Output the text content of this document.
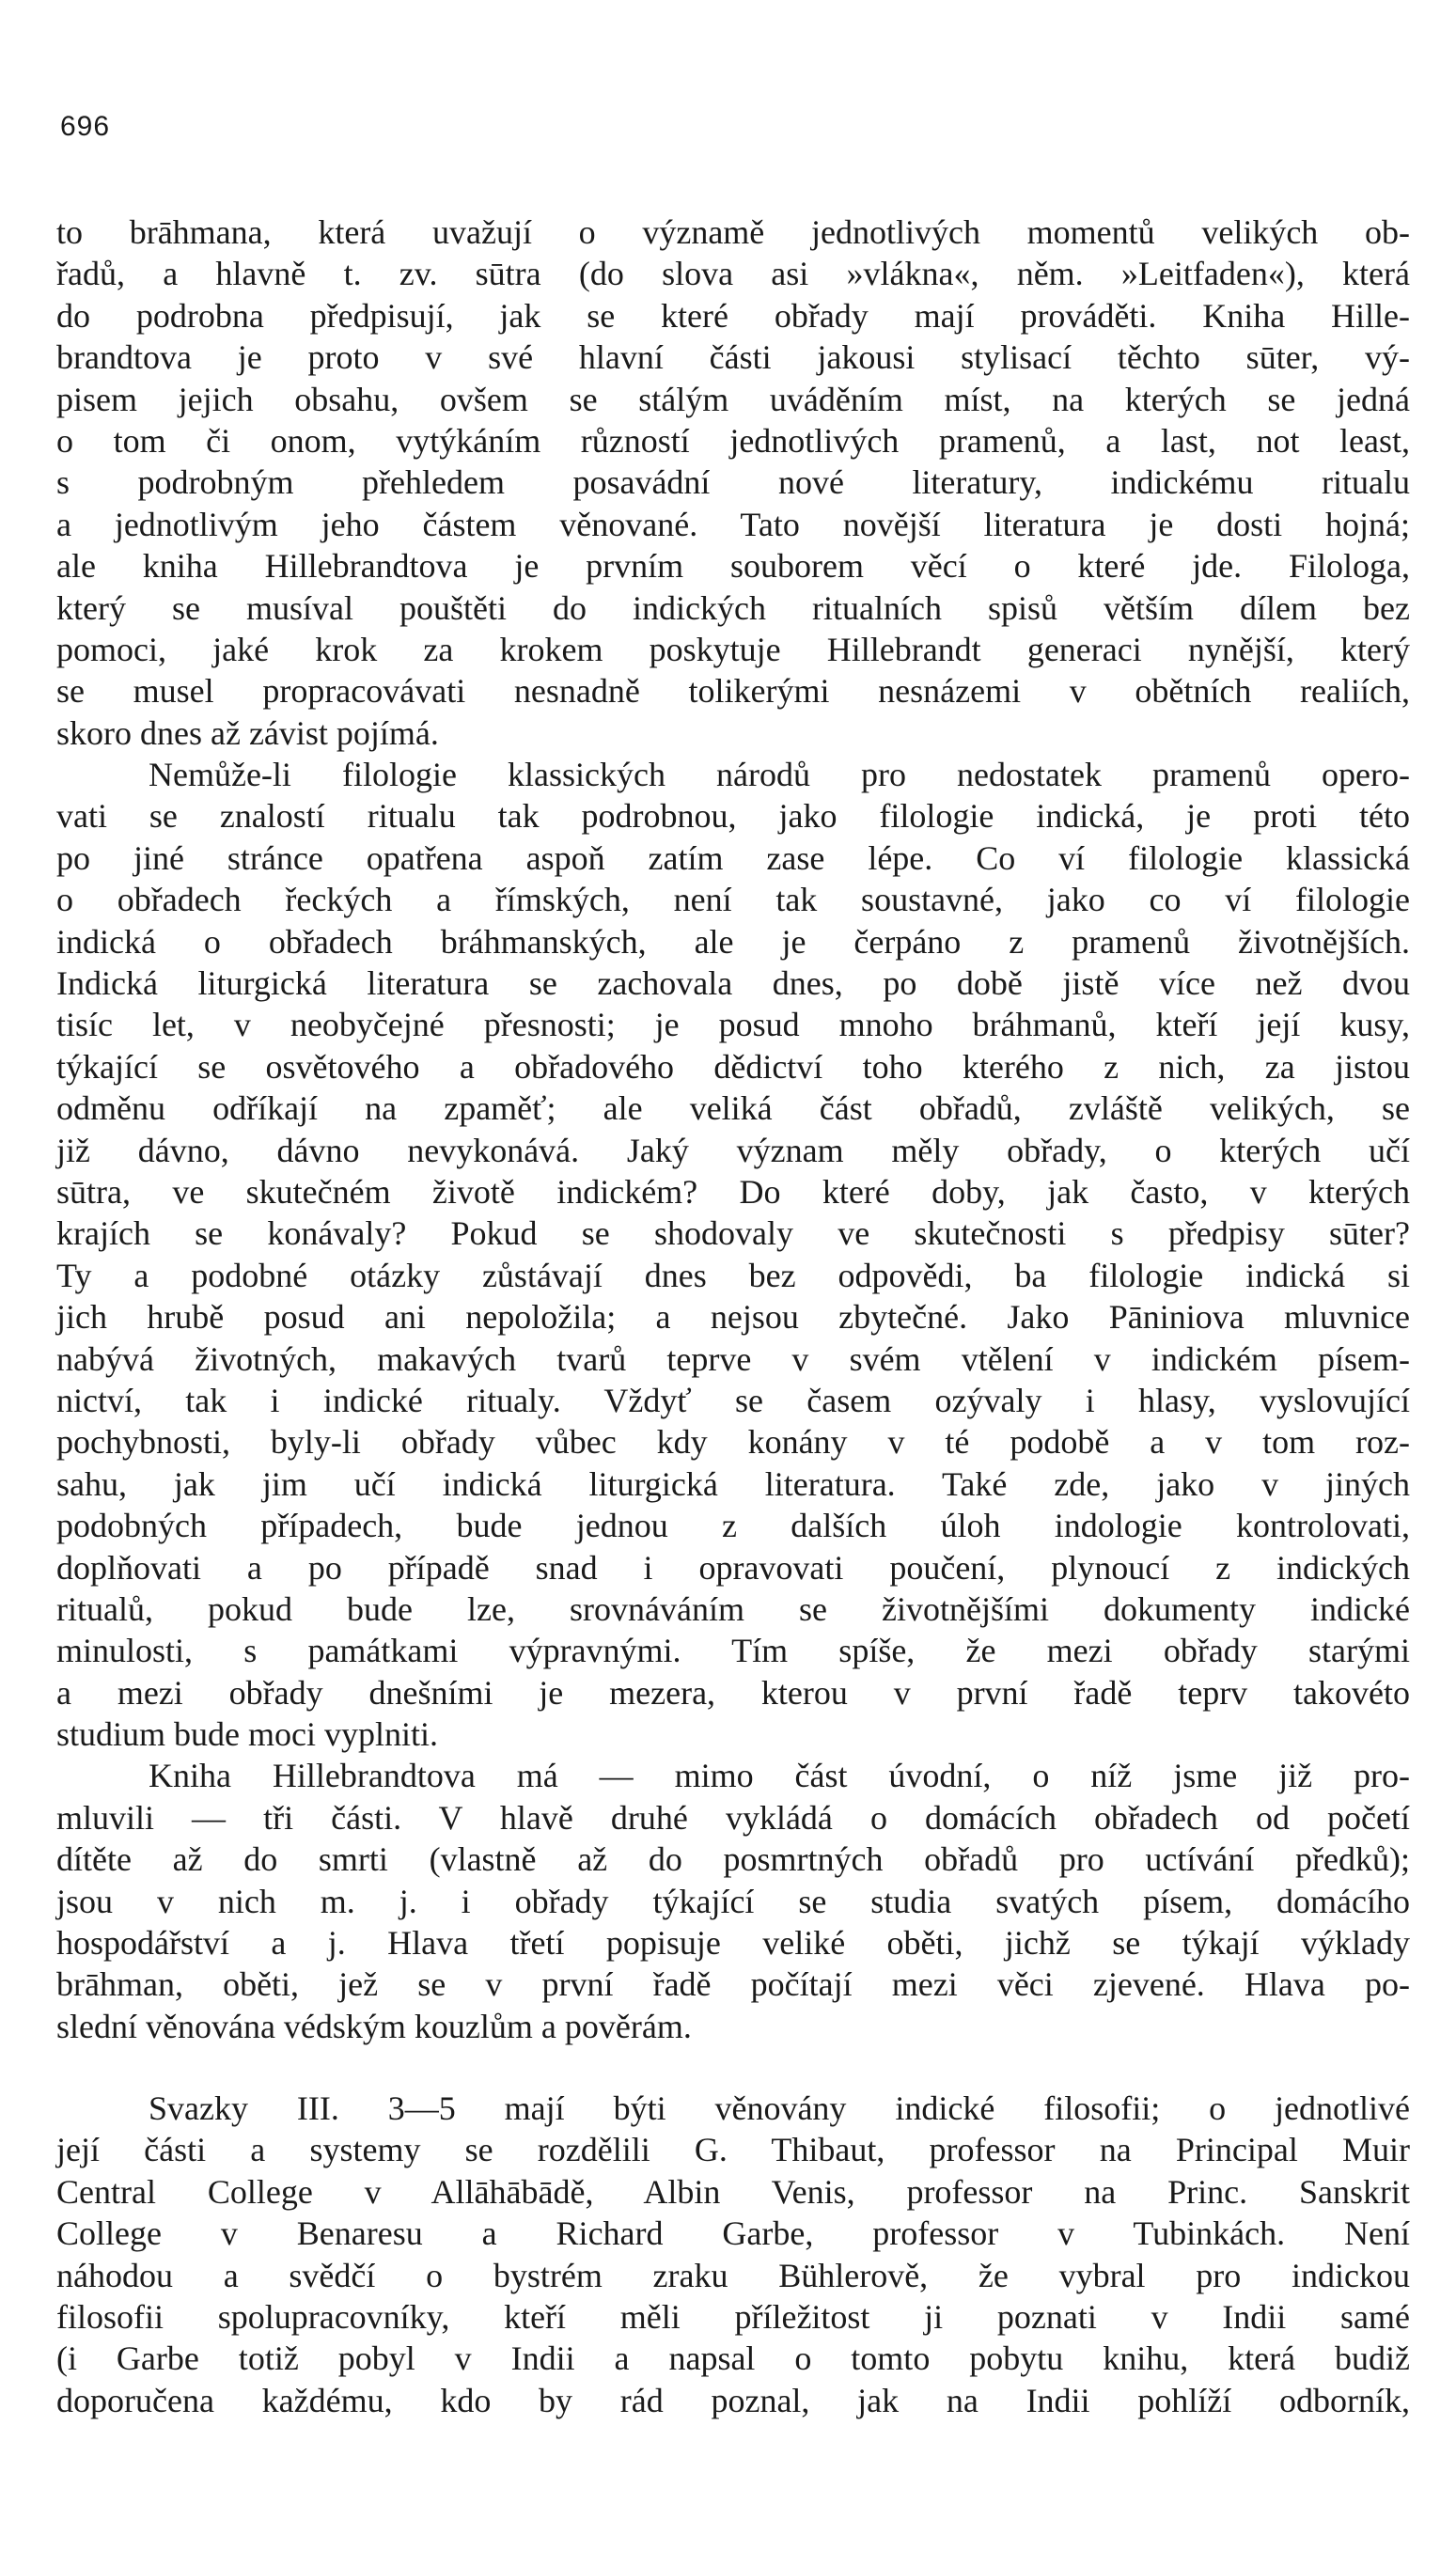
696
to brāhmana, která uvažují o významě jednotlivých momentů velikých ob-
řadů, a hlavně t. zv. sūtra (do slova asi »vlákna«, něm. »Leitfaden«), která
do podrobna předpisují, jak se které obřady mají prováděti. Kniha Hille-
brandtova je proto v své hlavní části jakousi stylisací těchto sūter, vý-
pisem jejich obsahu, ovšem se stálým uváděním míst, na kterých se jedná
o tom či onom, vytýkáním růzností jednotlivých pramenů, a last, not least,
s podrobným přehledem posavádní nové literatury, indickému ritualu
a jednotlivým jeho částem věnované. Tato novější literatura je dosti hojná;
ale kniha Hillebrandtova je prvním souborem věcí o které jde. Filologa,
který se musíval pouštěti do indických ritualních spisů větším dílem bez
pomoci, jaké krok za krokem poskytuje Hillebrandt generaci nynější, který
se musel propracovávati nesnadně tolikerými nesnázemi v obětních realiích,
skoro dnes až závist pojímá.
Nemůže-li filologie klassických národů pro nedostatek pramenů opero-
vati se znalostí ritualu tak podrobnou, jako filologie indická, je proti této
po jiné stránce opatřena aspoň zatím zase lépe. Co ví filologie klassická
o obřadech řeckých a římských, není tak soustavné, jako co ví filologie
indická o obřadech bráhmanských, ale je čerpáno z pramenů životnějších.
Indická liturgická literatura se zachovala dnes, po době jistě více než dvou
tisíc let, v neobyčejné přesnosti; je posud mnoho bráhmanů, kteří její kusy,
týkající se osvětového a obřadového dědictví toho kterého z nich, za jistou
odměnu odříkají na zpaměť; ale veliká část obřadů, zvláště velikých, se
již dávno, dávno nevykonává. Jaký význam měly obřady, o kterých učí
sūtra, ve skutečném životě indickém? Do které doby, jak často, v kterých
krajích se konávaly? Pokud se shodovaly ve skutečnosti s předpisy sūter?
Ty a podobné otázky zůstávají dnes bez odpovědi, ba filologie indická si
jich hrubě posud ani nepoložila; a nejsou zbytečné. Jako Pāniniova mluvnice
nabývá životných, makavých tvarů teprve v svém vtělení v indickém písem-
nictví, tak i indické ritualy. Vždyť se časem ozývaly i hlasy, vyslovující
pochybnosti, byly-li obřady vůbec kdy konány v té podobě a v tom roz-
sahu, jak jim učí indická liturgická literatura. Také zde, jako v jiných
podobných případech, bude jednou z dalších úloh indologie kontrolovati,
doplňovati a po případě snad i opravovati poučení, plynoucí z indických
ritualů, pokud bude lze, srovnáváním se životnějšími dokumenty indické
minulosti, s památkami výpravnými. Tím spíše, že mezi obřady starými
a mezi obřady dnešními je mezera, kterou v první řadě teprv takovéto
studium bude moci vyplniti.
Kniha Hillebrandtova má — mimo část úvodní, o níž jsme již pro-
mluvili — tři části. V hlavě druhé vykládá o domácích obřadech od početí
dítěte až do smrti (vlastně až do posmrtných obřadů pro uctívání předků);
jsou v nich m. j. i obřady týkající se studia svatých písem, domácího
hospodářství a j. Hlava třetí popisuje veliké oběti, jichž se týkají výklady
brāhman, oběti, jež se v první řadě počítají mezi věci zjevené. Hlava po-
slední věnována védským kouzlům a pověrám.
Svazky III. 3—5 mají býti věnovány indické filosofii; o jednotlivé
její části a systemy se rozdělili G. Thibaut, professor na Principal Muir
Central College v Allāhābādě, Albin Venis, professor na Princ. Sanskrit
College v Benaresu a Richard Garbe, professor v Tubinkách. Není
náhodou a svědčí o bystrém zraku Bühlerově, že vybral pro indickou
filosofii spolupracovníky, kteří měli příležitost ji poznati v Indii samé
(i Garbe totiž pobyl v Indii a napsal o tomto pobytu knihu, která budiž
doporučena každému, kdo by rád poznal, jak na Indii pohlíží odborník,
